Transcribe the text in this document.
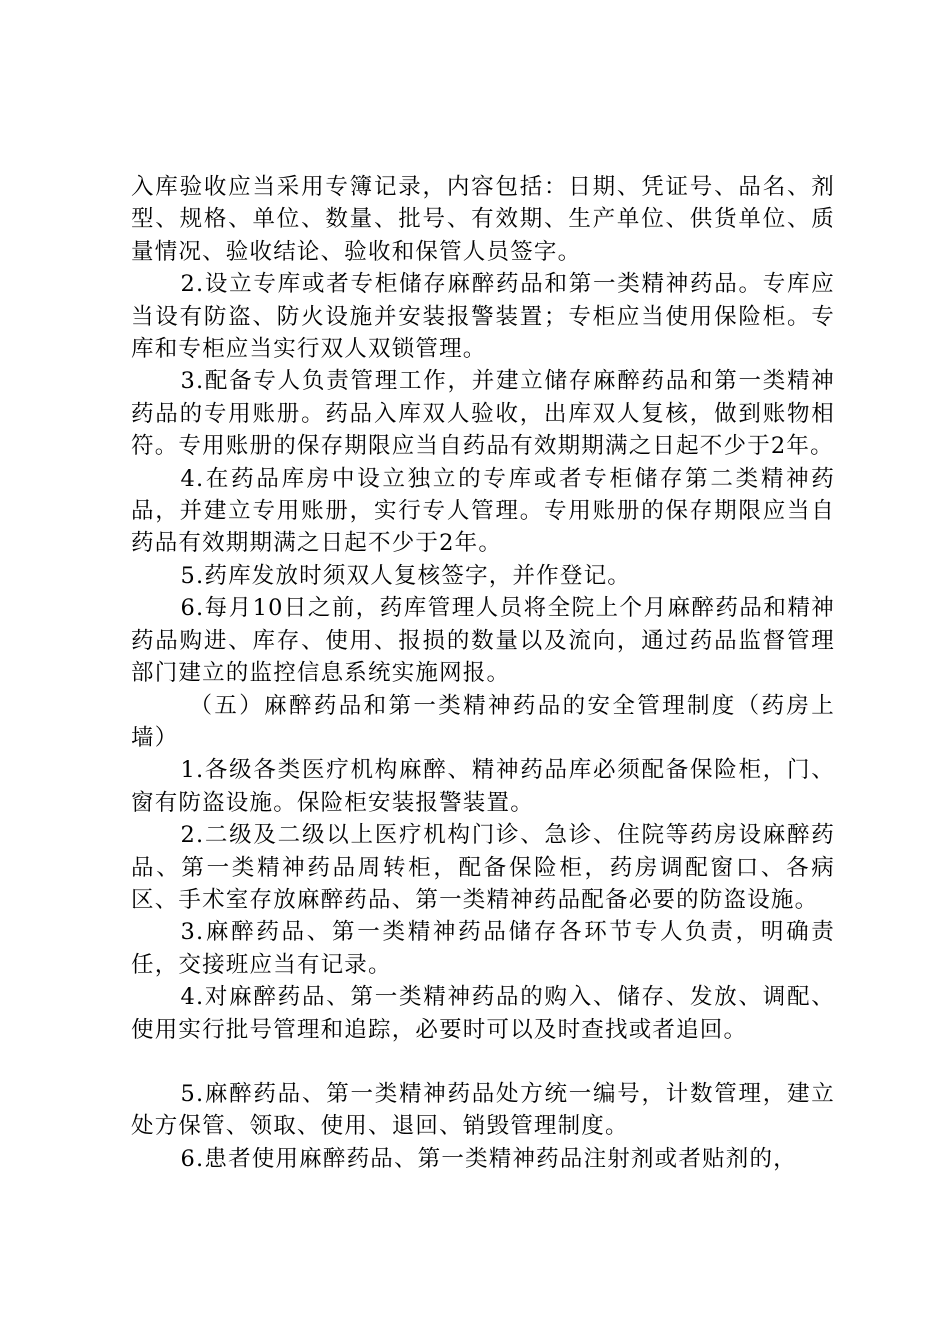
入库验收应当采用专簿记录，内容包括：日期、凭证号、品名、剂型、规格、单位、数量、批号、有效期、生产单位、供货单位、质量情况、验收结论、验收和保管人员签字。

2.设立专库或者专柜储存麻醉药品和第一类精神药品。专库应当设有防盗、防火设施并安装报警装置；专柜应当使用保险柜。专库和专柜应当实行双人双锁管理。

3.配备专人负责管理工作，并建立储存麻醉药品和第一类精神药品的专用账册。药品入库双人验收，出库双人复核，做到账物相符。专用账册的保存期限应当自药品有效期期满之日起不少于2年。

4.在药品库房中设立独立的专库或者专柜储存第二类精神药品，并建立专用账册，实行专人管理。专用账册的保存期限应当自药品有效期期满之日起不少于2年。

5.药库发放时须双人复核签字，并作登记。

6.每月10日之前，药库管理人员将全院上个月麻醉药品和精神药品购进、库存、使用、报损的数量以及流向，通过药品监督管理部门建立的监控信息系统实施网报。

（五）麻醉药品和第一类精神药品的安全管理制度（药房上墙）

1.各级各类医疗机构麻醉、精神药品库必须配备保险柜，门、窗有防盗设施。保险柜安装报警装置。

2.二级及二级以上医疗机构门诊、急诊、住院等药房设麻醉药品、第一类精神药品周转柜，配备保险柜，药房调配窗口、各病区、手术室存放麻醉药品、第一类精神药品配备必要的防盗设施。

3.麻醉药品、第一类精神药品储存各环节专人负责，明确责任，交接班应当有记录。

4.对麻醉药品、第一类精神药品的购入、储存、发放、调配、使用实行批号管理和追踪，必要时可以及时查找或者追回。

5.麻醉药品、第一类精神药品处方统一编号，计数管理，建立处方保管、领取、使用、退回、销毁管理制度。

6.患者使用麻醉药品、第一类精神药品注射剂或者贴剂的，
